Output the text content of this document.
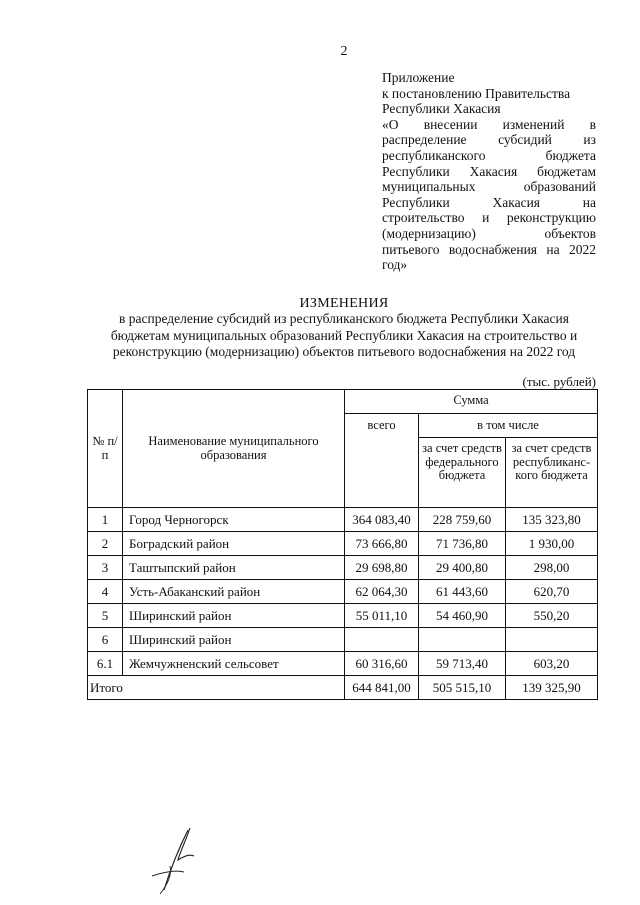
2
Приложение
к постановлению Правительства
Республики Хакасия
«О внесении изменений в
распределение субсидий из
республиканского бюджета
Республики Хакасия бюджетам
муниципальных образований
Республики Хакасия на
строительство и реконструкцию
(модернизацию) объектов
питьевого водоснабжения на 2022
год»
ИЗМЕНЕНИЯ
в распределение субсидий из республиканского бюджета Республики Хакасия бюджетам муниципальных образований Республики Хакасия на строительство и реконструкцию (модернизацию) объектов питьевого водоснабжения на 2022 год
(тыс. рублей)
№ п/п	Наименование муниципального образования	Сумма		
		всего	в том числе	
			за счет средств федерального бюджета	за счет средств республиканс-кого бюджета
1	Город Черногорск	364 083,40	228 759,60	135 323,80
2	Боградский район	73 666,80	71 736,80	1 930,00
3	Таштыпский район	29 698,80	29 400,80	298,00
4	Усть-Абаканский район	62 064,30	61 443,60	620,70
5	Ширинский район	55 011,10	54 460,90	550,20
6	Ширинский район			
6.1	Жемчужненский сельсовет	60 316,60	59 713,40	603,20
Итого		644 841,00	505 515,10	139 325,90
